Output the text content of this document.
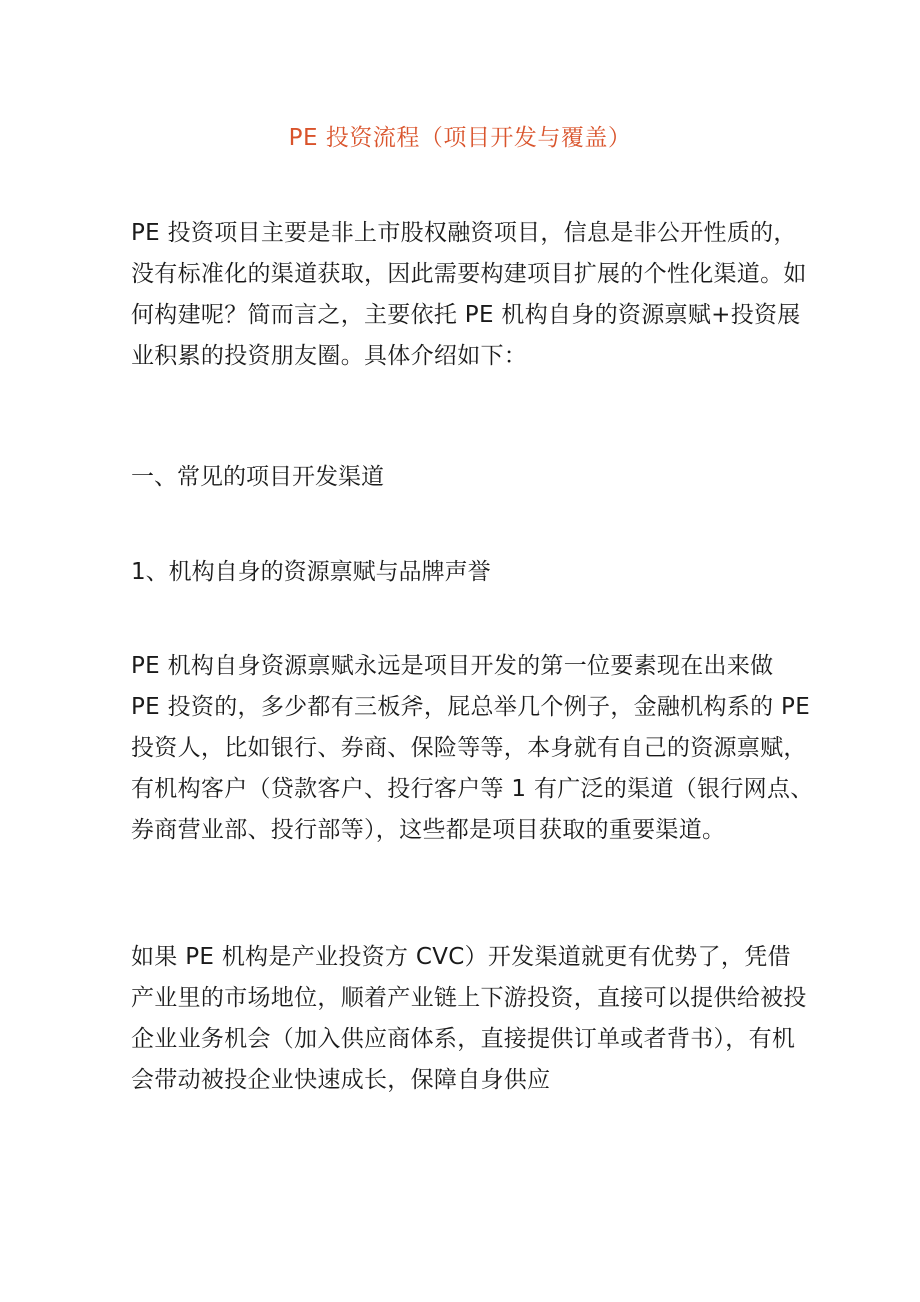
PE 投资流程（项目开发与覆盖）
PE 投资项目主要是非上市股权融资项目，信息是非公开性质的，
没有标准化的渠道获取，因此需要构建项目扩展的个性化渠道。如
何构建呢？简而言之，主要依托 PE 机构自身的资源禀赋+投资展
业积累的投资朋友圈。具体介绍如下：
一、常见的项目开发渠道
1、机构自身的资源禀赋与品牌声誉
PE 机构自身资源禀赋永远是项目开发的第一位要素现在出来做
PE 投资的，多少都有三板斧，屁总举几个例子，金融机构系的 PE
投资人，比如银行、券商、保险等等，本身就有自己的资源禀赋，
有机构客户（贷款客户、投行客户等 1 有广泛的渠道（银行网点、
券商营业部、投行部等），这些都是项目获取的重要渠道。
如果 PE 机构是产业投资方 CVC）开发渠道就更有优势了，凭借
产业里的市场地位，顺着产业链上下游投资，直接可以提供给被投
企业业务机会（加入供应商体系，直接提供订单或者背书），有机
会带动被投企业快速成长，保障自身供应
